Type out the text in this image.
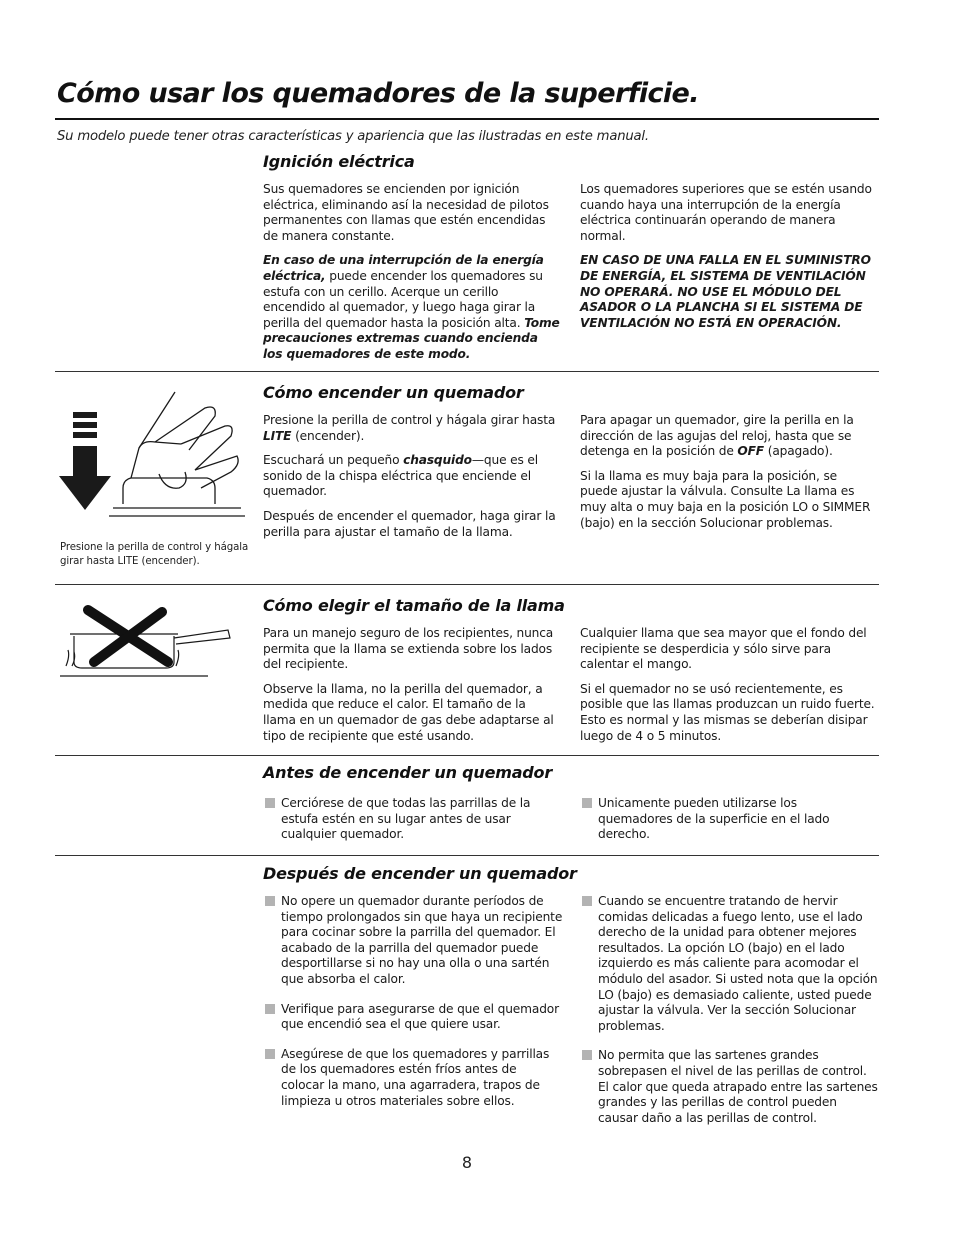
Cómo usar los quemadores de la superficie.
Su modelo puede tener otras características y apariencia que las ilustradas en este manual.
Ignición eléctrica

Sus quemadores se encienden por ignición eléctrica, eliminando así la necesidad de pilotos permanentes con llamas que estén encendidas de manera constante.

En caso de una interrupción de la energía eléctrica, puede encender los quemadores su estufa con un cerillo. Acerque un cerillo encendido al quemador, y luego haga girar la perilla del quemador hasta la posición alta. Tome precauciones extremas cuando encienda los quemadores de este modo.

Los quemadores superiores que se estén usando cuando haya una interrupción de la energía eléctrica continuarán operando de manera normal.

EN CASO DE UNA FALLA EN EL SUMINISTRO DE ENERGÍA, EL SISTEMA DE VENTILACIÓN NO OPERARÁ. NO USE EL MÓDULO DEL ASADOR O LA PLANCHA SI EL SISTEMA DE VENTILACIÓN NO ESTÁ EN OPERACIÓN.

Presione la perilla de control y hágala girar hasta LITE (encender).
Cómo encender un quemador

Presione la perilla de control y hágala girar hasta LITE (encender).

Escuchará un pequeño chasquido—que es el sonido de la chispa eléctrica que enciende el quemador.

Después de encender el quemador, haga girar la perilla para ajustar el tamaño de la llama.

Para apagar un quemador, gire la perilla en la dirección de las agujas del reloj, hasta que se detenga en la posición de OFF (apagado).

Si la llama es muy baja para la posición, se puede ajustar la válvula. Consulte La llama es muy alta o muy baja en la posición LO o SIMMER (bajo) en la sección Solucionar problemas.

Cómo elegir el tamaño de la llama

Para un manejo seguro de los recipientes, nunca permita que la llama se extienda sobre los lados del recipiente.

Observe la llama, no la perilla del quemador, a medida que reduce el calor. El tamaño de la llama en un quemador de gas debe adaptarse al tipo de recipiente que esté usando.

Cualquier llama que sea mayor que el fondo del recipiente se desperdicia y sólo sirve para calentar el mango.

Si el quemador no se usó recientemente, es posible que las llamas produzcan un ruido fuerte. Esto es normal y las mismas se deberían disipar luego de 4 o 5 minutos.

Antes de encender un quemador
Cerciórese de que todas las parrillas de la estufa estén en su lugar antes de usar cualquier quemador.
Unicamente pueden utilizarse los quemadores de la superficie en el lado derecho.
Después de encender un quemador
No opere un quemador durante períodos de tiempo prolongados sin que haya un recipiente para cocinar sobre la parrilla del quemador. El acabado de la parrilla del quemador puede desportillarse si no hay una olla o una sartén que absorba el calor.
Verifique para asegurarse de que el quemador que encendió sea el que quiere usar.
Asegúrese de que los quemadores y parrillas de los quemadores estén fríos antes de colocar la mano, una agarradera, trapos de limpieza u otros materiales sobre ellos.
Cuando se encuentre tratando de hervir comidas delicadas a fuego lento, use el lado derecho de la unidad para obtener mejores resultados. La opción LO (bajo) en el lado izquierdo es más caliente para acomodar el módulo del asador. Si usted nota que la opción LO (bajo) es demasiado caliente, usted puede ajustar la válvula. Ver la sección Solucionar problemas.
No permita que las sartenes grandes sobrepasen el nivel de las perillas de control. El calor que queda atrapado entre las sartenes grandes y las perillas de control pueden causar daño a las perillas de control.
8
